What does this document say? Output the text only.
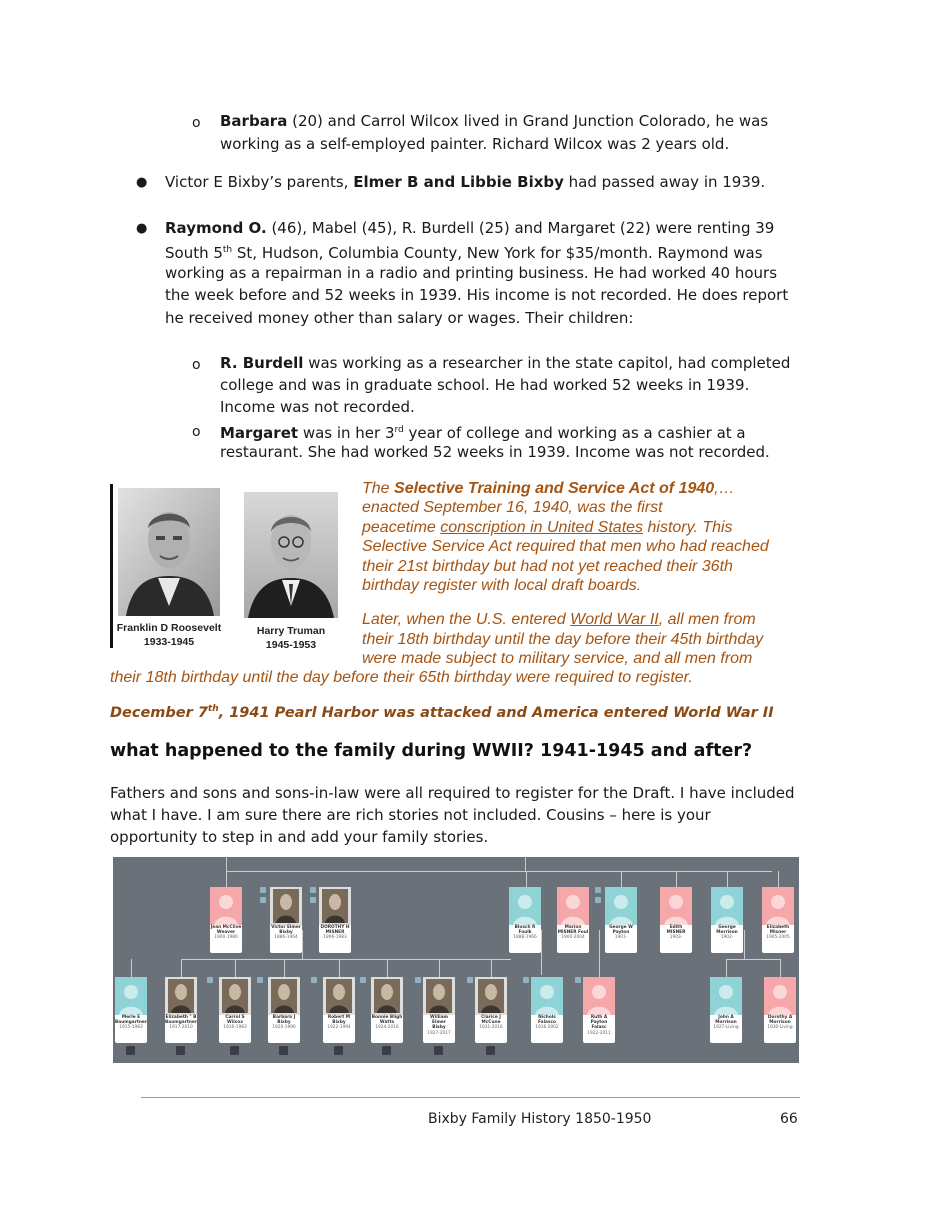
o Barbara (20) and Carrol Wilcox lived in Grand Junction Colorado, he was
working as a self-employed painter. Richard Wilcox was 2 years old.
● Victor E Bixby’s parents, Elmer B and Libbie Bixby had passed away in 1939.
● Raymond O. (46), Mabel (45), R. Burdell (25) and Margaret (22) were renting 39
South 5th St, Hudson, Columbia County, New York for $35/month. Raymond was
working as a repairman in a radio and printing business. He had worked 40 hours
the week before and 52 weeks in 1939. His income is not recorded. He does report
he received money other than salary or wages. Their children:
o R. Burdell was working as a researcher in the state capitol, had completed
college and was in graduate school. He had worked 52 weeks in 1939.
Income was not recorded.
o Margaret was in her 3rd year of college and working as a cashier at a
restaurant. She had worked 52 weeks in 1939. Income was not recorded.
Franklin D Roosevelt
1933-1945
Harry Truman
1945-1953
The Selective Training and Service Act of 1940,…
enacted September 16, 1940, was the first
peacetime conscription in United States history. This
Selective Service Act required that men who had reached
their 21st birthday but had not yet reached their 36th
birthday register with local draft boards.
Later, when the U.S. entered World War II, all men from
their 18th birthday until the day before their 45th birthday
were made subject to military service, and all men from
their 18th birthday until the day before their 65th birthday were required to register.
December 7th, 1941 Pearl Harbor was attacked and America entered World War II
what happened to the family during WWII? 1941-1945 and after?
Fathers and sons and sons-in-law were all required to register for the Draft. I have included
what I have. I am sure there are rich stories not included. Cousins – here is your
opportunity to step in and add your family stories.
Jean McClive
Weaver
1900-1980
Victor Elmer
Bixby
1886-1964
DOROTHY H
MISNER
1896-1983
Blosch R
Foulk
1888-1966
Marion
MISNER Foul
1900-2004
George W
Payton
1901-
Edith
MISNER
1903-
George
Morrison
1902-
Elizabeth
Misner
1905-2005
Merle E
Baumgartner
1915-1983
Elizabeth " B
Baumgartner
1917-2010
Carrol S
Wilcox
1916-1983
Barbara J
Bixby
1920-1996
Robert M
Bixby
1922-1994
Bonnie Bligh
Watts
1924-2016
William Elmer
Bixby
1927-2017
Clarice J
McCune
1931-2016
Nichols
Falasco
1916-2002
Ruth A
Payton Falasc
1922-2011
John A
Morrison
1927-Living
Dorothy A
Morrison
1930-Living
Bixby Family History 1850-1950	66
